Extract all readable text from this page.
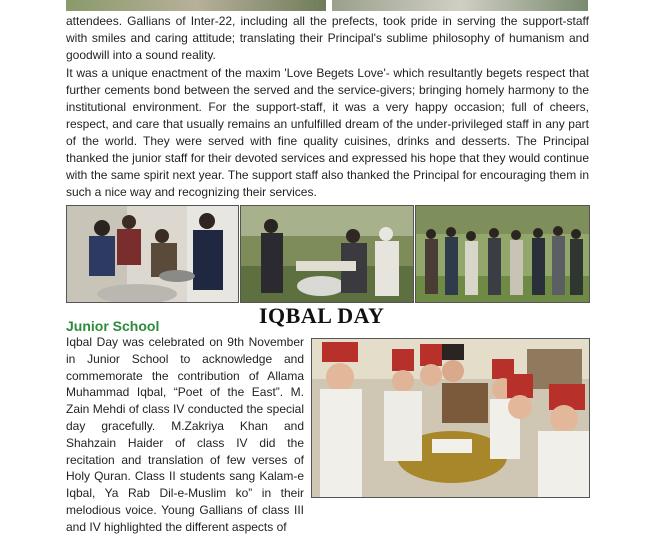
attendees. Gallians of Inter-22, including all the prefects, took pride in serving the support-staff with smiles and caring attitude; translating their Principal's sublime philosophy of humanism and goodwill into a sound reality.

It was a unique enactment of the maxim 'Love Begets Love'- which resultantly begets respect that further cements bond between the served and the service-givers; bringing homely harmony to the institutional environment. For the support-staff, it was a very happy occasion; full of cheers, respect, and care that usually remains an unfulfilled dream of the under-privileged staff in any part of the world. They were served with fine quality cuisines, drinks and desserts. The Principal thanked the junior staff for their devoted services and expressed his hope that they would continue with the same spirit next year. The support staff also thanked the Principal for encouraging them in such a nice way and recognizing their services.

Junior School	IQBAL DAY

Iqbal Day was celebrated on 9th November in Junior School to acknowledge and commemorate the contribution of Allama Muhammad Iqbal, “Poet of the East”. M. Zain Mehdi of class IV conducted the special day gracefully. M.Zakriya Khan and Shahzain Haider of class IV did the recitation and translation of few verses of Holy Quran. Class II students sang Kalam-e Iqbal, Ya Rab Dil-e-Muslim ko” in their melodious voice. Young Gallians of class III and IV highlighted the different aspects of
